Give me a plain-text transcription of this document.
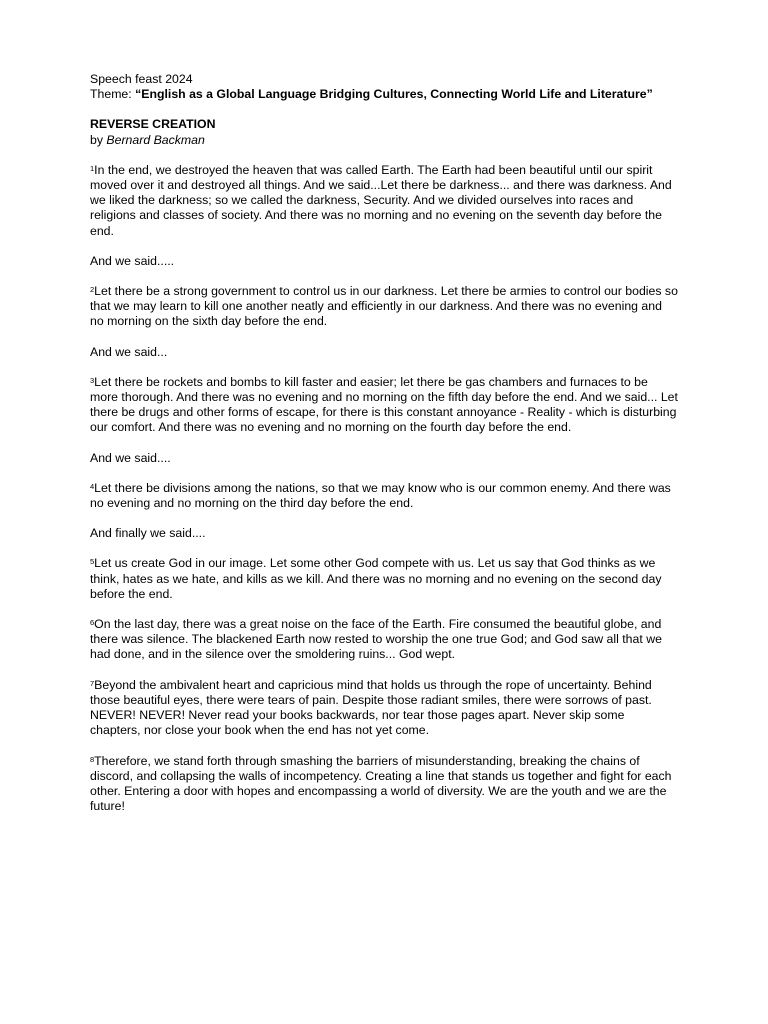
Speech feast 2024
Theme: “English as a Global Language Bridging Cultures, Connecting World Life and Literature”
REVERSE CREATION
by Bernard Backman

$^1$In the end, we destroyed the heaven that was called Earth. The Earth had been beautiful until our spirit moved over it and destroyed all things. And we said...Let there be darkness... and there was darkness. And we liked the darkness; so we called the darkness, Security. And we divided ourselves into races and religions and classes of society. And there was no morning and no evening on the seventh day before the end.

And we said.....

$^2$Let there be a strong government to control us in our darkness. Let there be armies to control our bodies so that we may learn to kill one another neatly and efficiently in our darkness. And there was no evening and no morning on the sixth day before the end.

And we said...

$^3$Let there be rockets and bombs to kill faster and easier; let there be gas chambers and furnaces to be more thorough. And there was no evening and no morning on the fifth day before the end. And we said... Let there be drugs and other forms of escape, for there is this constant annoyance - Reality - which is disturbing our comfort. And there was no evening and no morning on the fourth day before the end.

And we said....

$^4$Let there be divisions among the nations, so that we may know who is our common enemy. And there was no evening and no morning on the third day before the end.

And finally we said....

$^5$Let us create God in our image. Let some other God compete with us. Let us say that God thinks as we think, hates as we hate, and kills as we kill. And there was no morning and no evening on the second day before the end.

$^6$On the last day, there was a great noise on the face of the Earth. Fire consumed the beautiful globe, and there was silence. The blackened Earth now rested to worship the one true God; and God saw all that we had done, and in the silence over the smoldering ruins... God wept.

$^7$Beyond the ambivalent heart and capricious mind that holds us through the rope of uncertainty. Behind those beautiful eyes, there were tears of pain. Despite those radiant smiles, there were sorrows of past. NEVER! NEVER! Never read your books backwards, nor tear those pages apart. Never skip some chapters, nor close your book when the end has not yet come.

$^8$Therefore, we stand forth through smashing the barriers of misunderstanding, breaking the chains of discord, and collapsing the walls of incompetency. Creating a line that stands us together and fight for each other. Entering a door with hopes and encompassing a world of diversity. We are the youth and we are the future!
